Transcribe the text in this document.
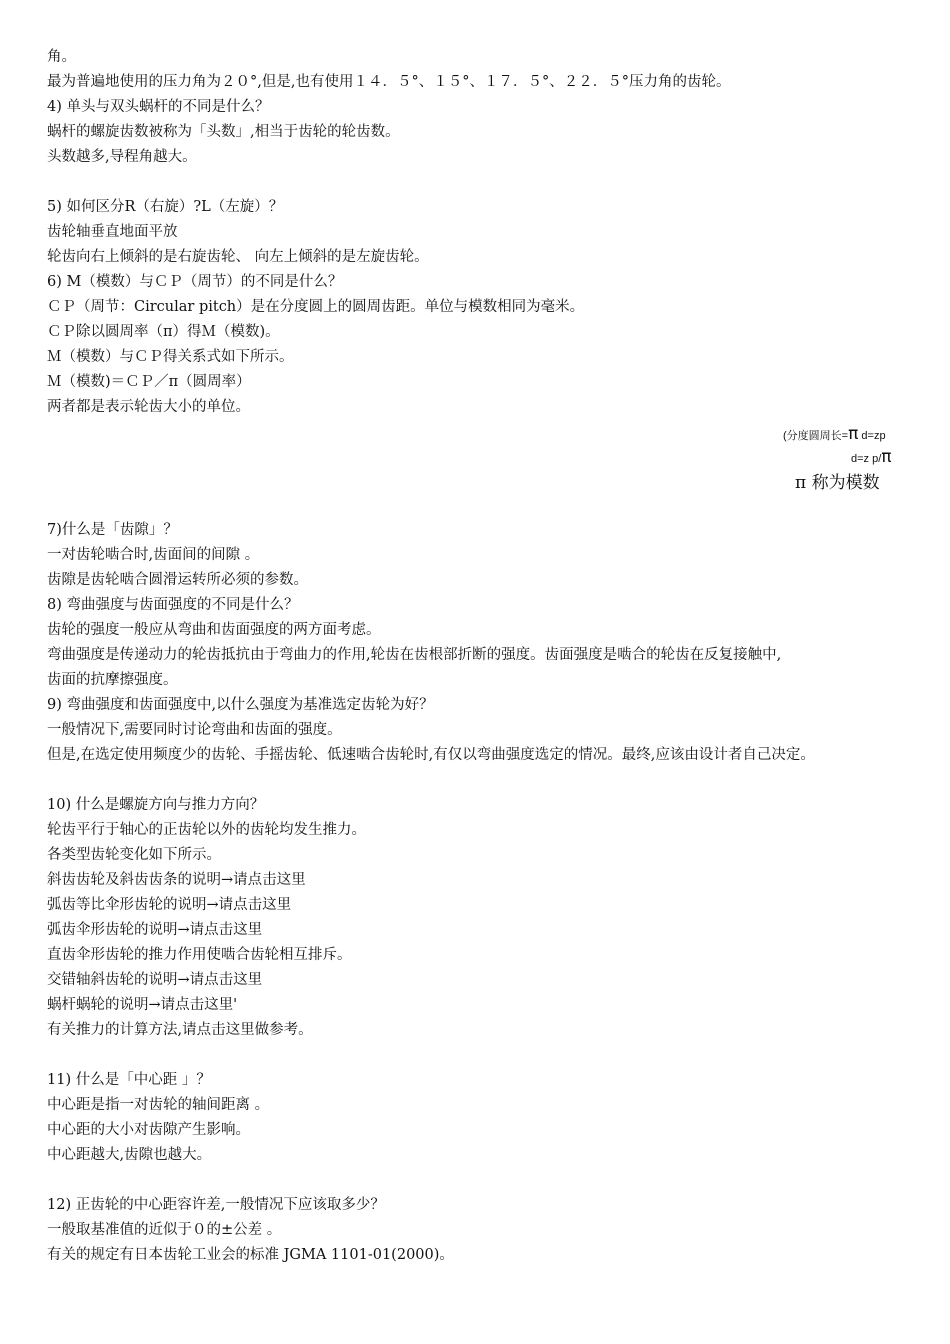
角。
最为普遍地使用的压力角为２０°,但是,也有使用１４．５°、１５°、１７．５°、２２．５°压力角的齿轮。
4) 单头与双头蜗杆的不同是什么？
蜗杆的螺旋齿数被称为「头数」,相当于齿轮的轮齿数。
头数越多,导程角越大。
5) 如何区分R（右旋）?L（左旋）？
齿轮轴垂直地面平放
轮齿向右上倾斜的是右旋齿轮、 向左上倾斜的是左旋齿轮。
6) M（模数）与ＣＰ（周节）的不同是什么？
ＣＰ（周节：Circular pitch）是在分度圆上的圆周齿距。单位与模数相同为毫米。
ＣＰ除以圆周率（π）得Ｍ（模数)。
Ｍ（模数）与ＣＰ得关系式如下所示。
Ｍ（模数)＝ＣＰ／π（圆周率）
两者都是表示轮齿大小的单位。
(分度圆周长=π d=zp
d=z p/π
π 称为模数
7)什么是「齿隙」？
一对齿轮啮合时,齿面间的间隙 。
齿隙是齿轮啮合圆滑运转所必须的参数。
8) 弯曲强度与齿面强度的不同是什么？
齿轮的强度一般应从弯曲和齿面强度的两方面考虑。
弯曲强度是传递动力的轮齿抵抗由于弯曲力的作用,轮齿在齿根部折断的强度。齿面强度是啮合的轮齿在反复接触中,
齿面的抗摩擦强度。
9) 弯曲强度和齿面强度中,以什么强度为基准选定齿轮为好？
一般情况下,需要同时讨论弯曲和齿面的强度。
但是,在选定使用频度少的齿轮、手摇齿轮、低速啮合齿轮时,有仅以弯曲强度选定的情况。最终,应该由设计者自己决定。
10) 什么是螺旋方向与推力方向？
轮齿平行于轴心的正齿轮以外的齿轮均发生推力。
各类型齿轮变化如下所示。
斜齿齿轮及斜齿齿条的说明→请点击这里
弧齿等比伞形齿轮的说明→请点击这里
弧齿伞形齿轮的说明→请点击这里
直齿伞形齿轮的推力作用使啮合齿轮相互排斥。
交错轴斜齿轮的说明→请点击这里
蜗杆蜗轮的说明→请点击这里'
有关推力的计算方法,请点击这里做参考。
11) 什么是「中心距 」？
中心距是指一对齿轮的轴间距离 。
中心距的大小对齿隙产生影响。
中心距越大,齿隙也越大。
12) 正齿轮的中心距容许差,一般情况下应该取多少？
一般取基准值的近似于０的±公差 。
有关的规定有日本齿轮工业会的标准 JGMA 1101-01(2000)。
